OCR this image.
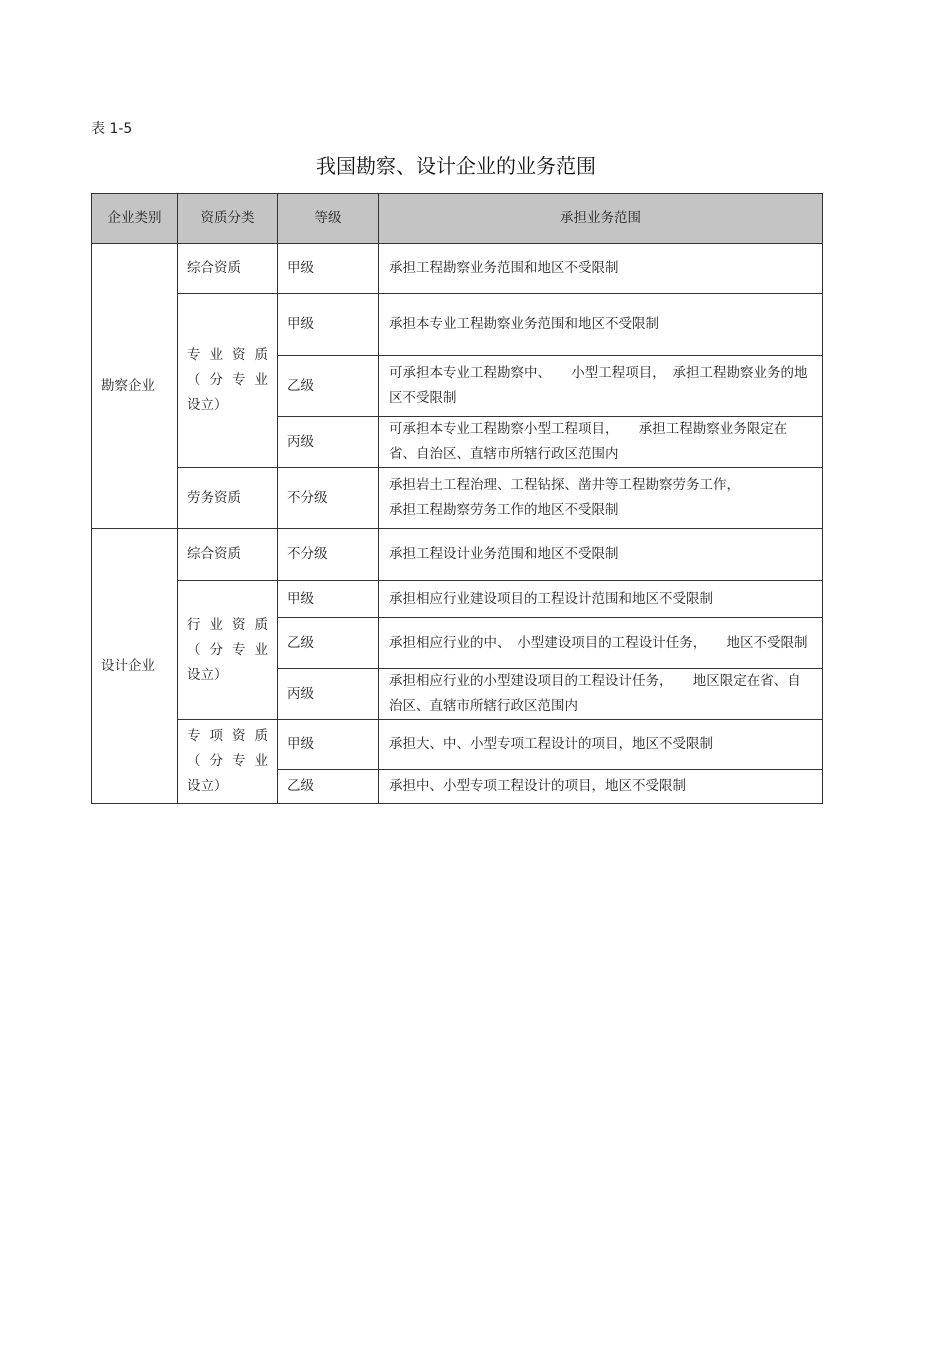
表 1-5
我国勘察、设计企业的业务范围
企业类别	资质分类	等级	承担业务范围
勘察企业	综合资质	甲级	承担工程勘察业务范围和地区不受限制

	专 业 资 质
（ 分 专 业
设立）	甲级	承担本专业工程勘察业务范围和地区不受限制
		乙级	可承担本专业工程勘察中、　　小型工程项目，　承担工程勘察业务的地区不受限制
		丙级	可承担本专业工程勘察小型工程项目，　　承担工程勘察业务限定在省、自治区、直辖市所辖行政区范围内
	劳务资质	不分级	承担岩土工程治理、工程钻探、凿井等工程勘察劳务工作，
承担工程勘察劳务工作的地区不受限制

设计企业	综合资质	不分级	承担工程设计业务范围和地区不受限制

	行 业 资 质
（ 分 专 业
设立）	甲级	承担相应行业建设项目的工程设计范围和地区不受限制
		乙级	承担相应行业的中、　小型建设项目的工程设计任务，　　地区不受限制
		丙级	承担相应行业的小型建设项目的工程设计任务，　　地区限定在省、自治区、直辖市所辖行政区范围内

	专 项 资 质
（ 分 专 业
设立）	甲级	承担大、中、小型专项工程设计的项目，地区不受限制
		乙级	承担中、小型专项工程设计的项目，地区不受限制
